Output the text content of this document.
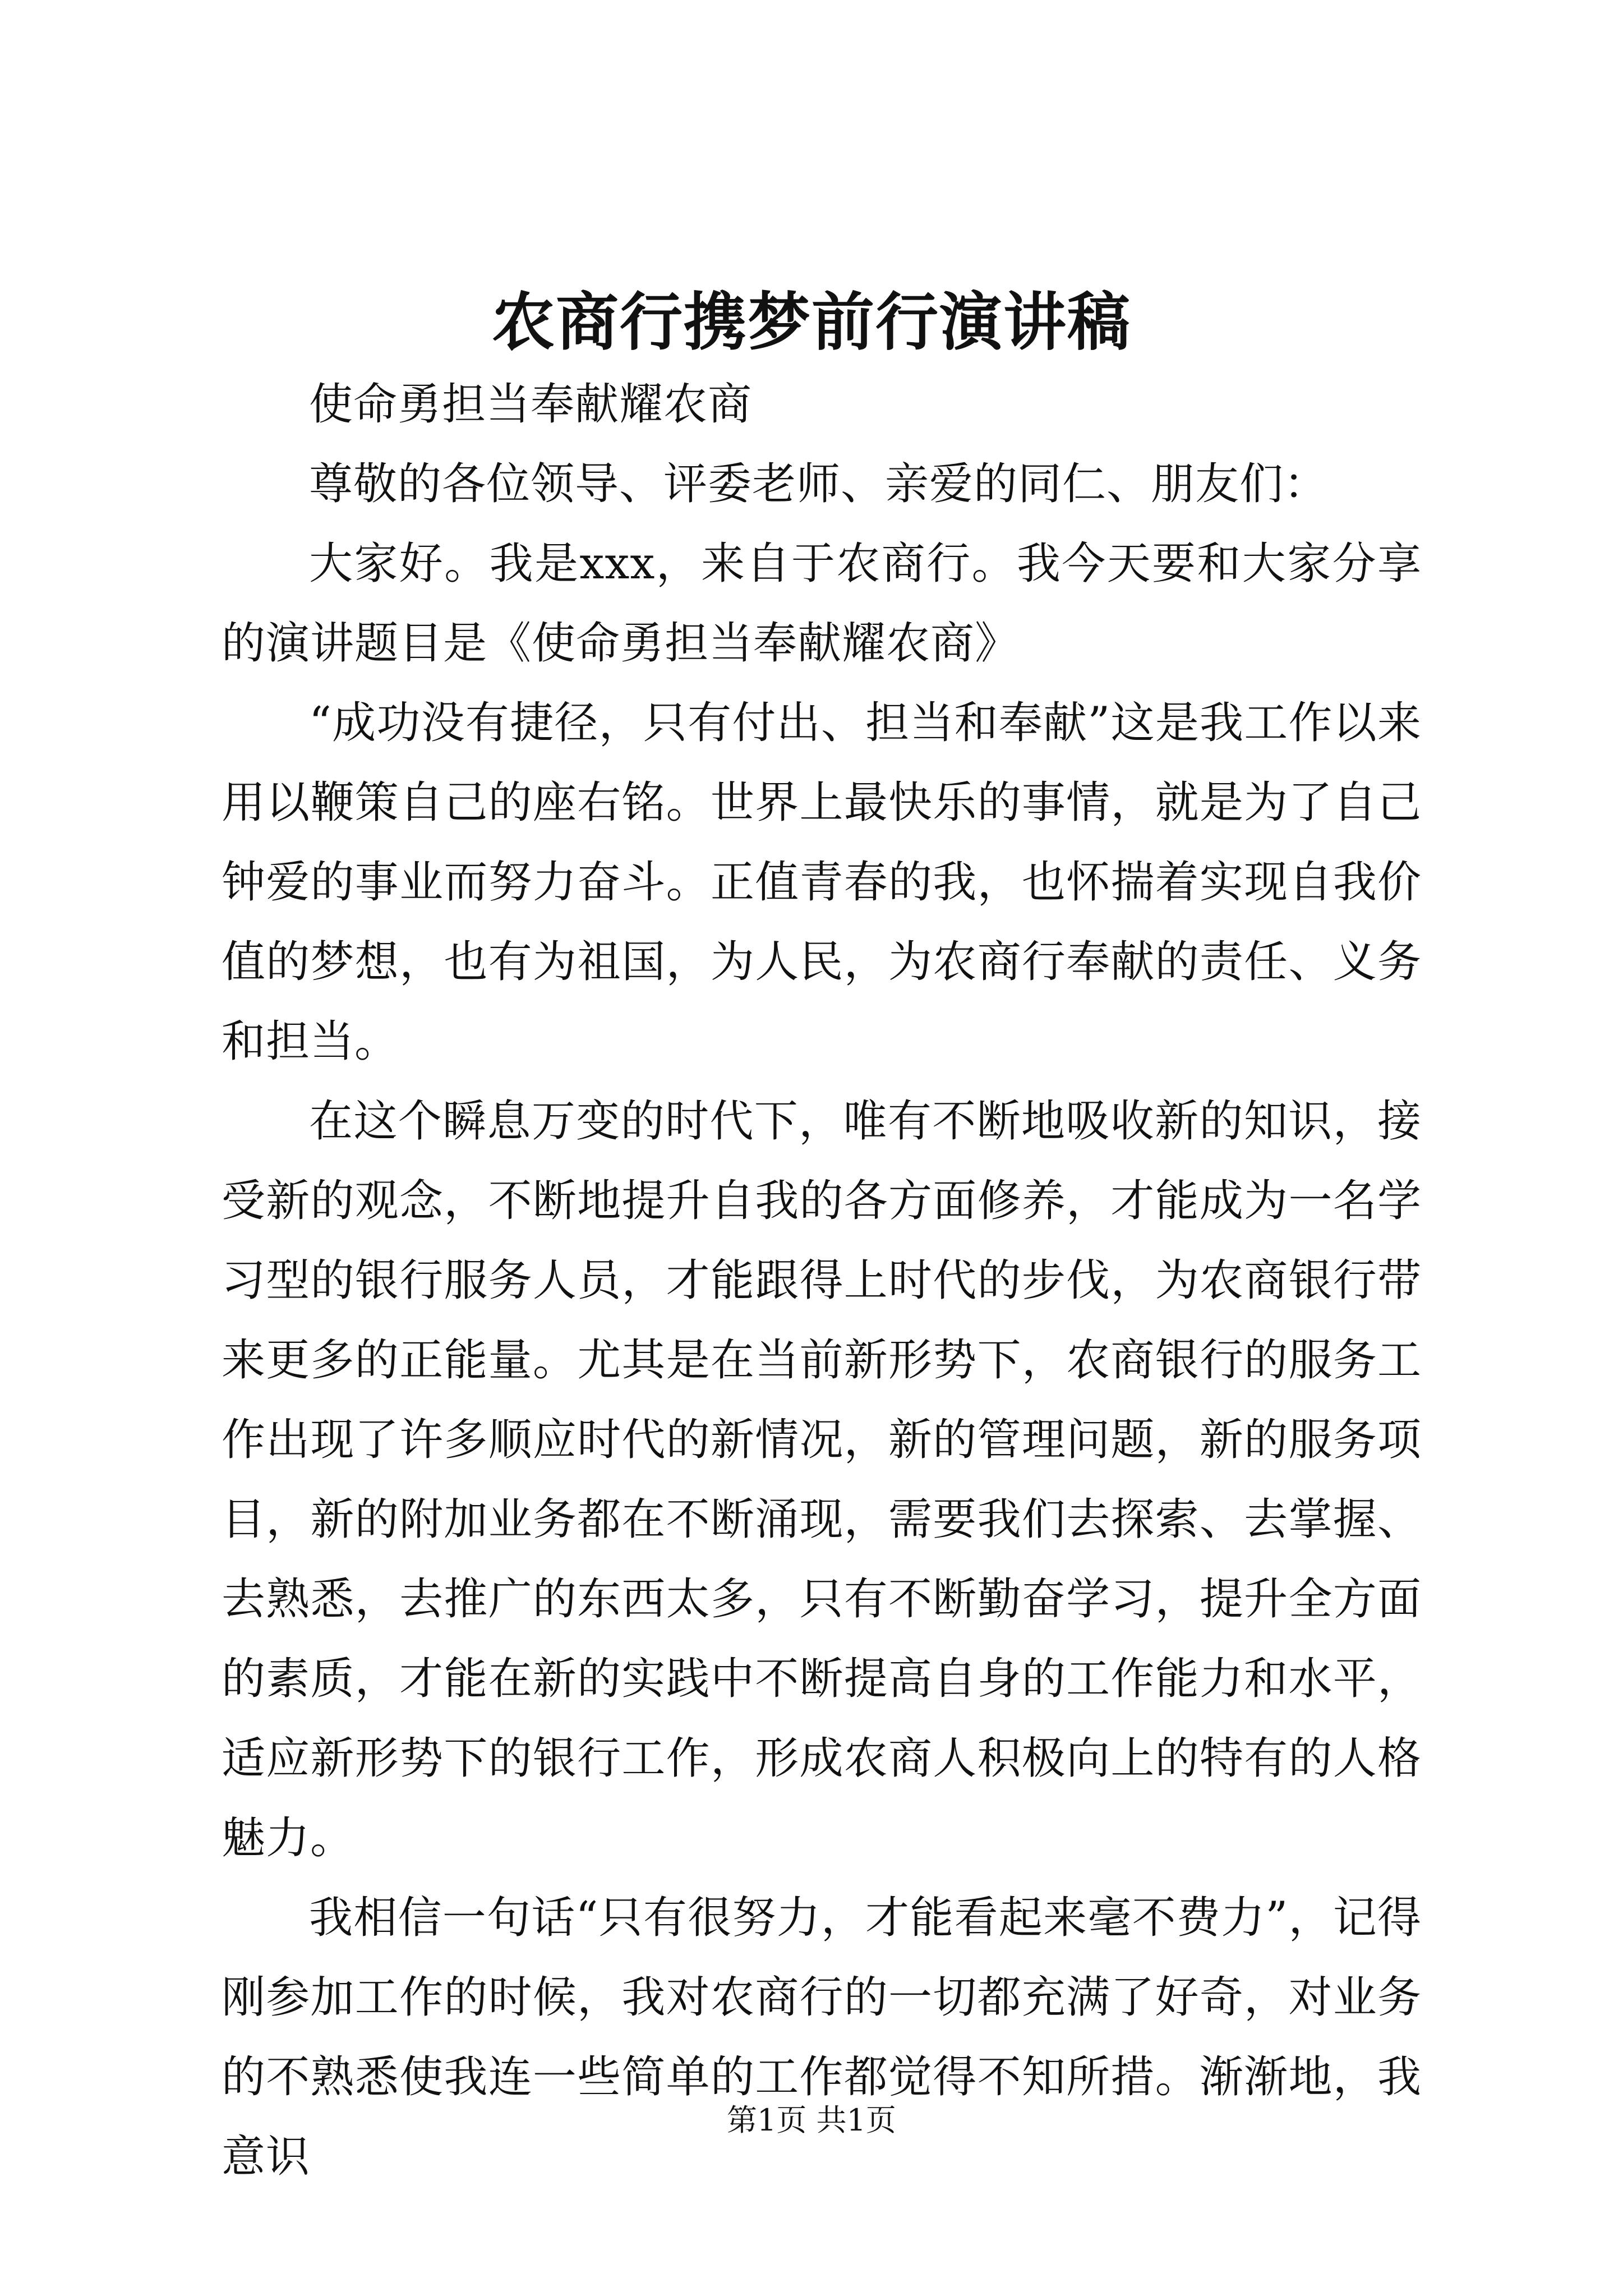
农商行携梦前行演讲稿

使命勇担当奉献耀农商

尊敬的各位领导、评委老师、亲爱的同仁、朋友们：

大家好。我是xxx，来自于农商行。我今天要和大家分享的演讲题目是《使命勇担当奉献耀农商》

“成功没有捷径，只有付出、担当和奉献”这是我工作以来用以鞭策自己的座右铭。世界上最快乐的事情，就是为了自己钟爱的事业而努力奋斗。正值青春的我，也怀揣着实现自我价值的梦想，也有为祖国，为人民，为农商行奉献的责任、义务和担当。

在这个瞬息万变的时代下，唯有不断地吸收新的知识，接受新的观念，不断地提升自我的各方面修养，才能成为一名学习型的银行服务人员，才能跟得上时代的步伐，为农商银行带来更多的正能量。尤其是在当前新形势下，农商银行的服务工作出现了许多顺应时代的新情况，新的管理问题，新的服务项目，新的附加业务都在不断涌现，需要我们去探索、去掌握、去熟悉，去推广的东西太多，只有不断勤奋学习，提升全方面的素质，才能在新的实践中不断提高自身的工作能力和水平，适应新形势下的银行工作，形成农商人积极向上的特有的人格魅力。

我相信一句话“只有很努力，才能看起来毫不费力”，记得刚参加工作的时候，我对农商行的一切都充满了好奇，对业务的不熟悉使我连一些简单的工作都觉得不知所措。渐渐地，我意识

第1页 共1页
